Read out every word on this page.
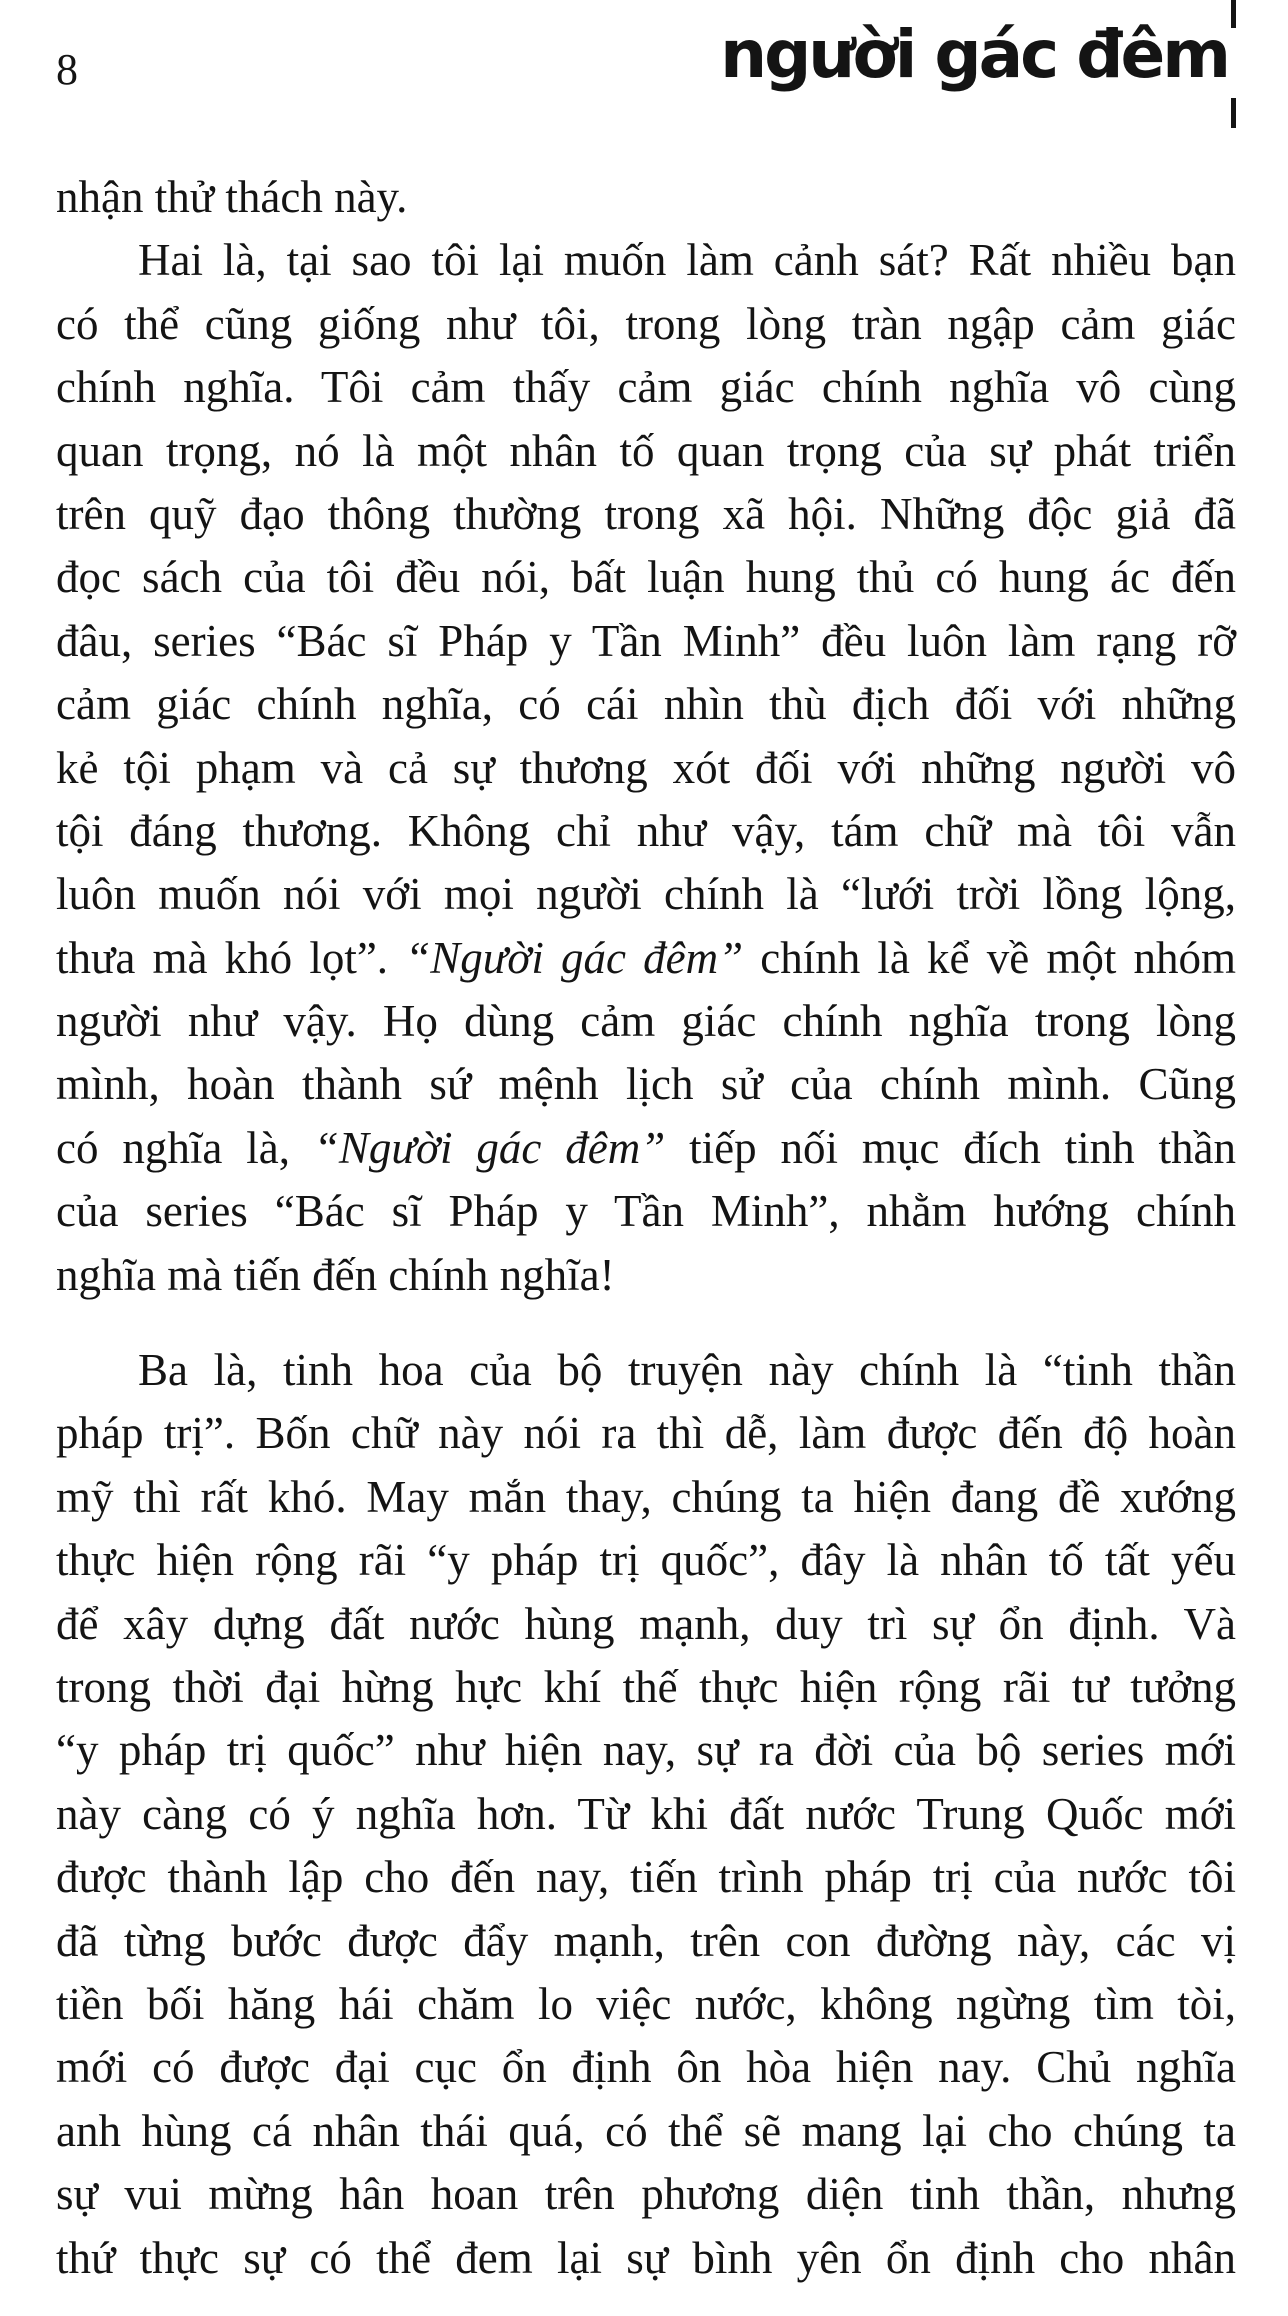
8	người gác đêm
nhận thử thách này.
Hai là, tại sao tôi lại muốn làm cảnh sát? Rất nhiều bạn
có thể cũng giống như tôi, trong lòng tràn ngập cảm giác
chính nghĩa. Tôi cảm thấy cảm giác chính nghĩa vô cùng
quan trọng, nó là một nhân tố quan trọng của sự phát triển
trên quỹ đạo thông thường trong xã hội. Những độc giả đã
đọc sách của tôi đều nói, bất luận hung thủ có hung ác đến
đâu, series “Bác sĩ Pháp y Tần Minh” đều luôn làm rạng rỡ
cảm giác chính nghĩa, có cái nhìn thù địch đối với những
kẻ tội phạm và cả sự thương xót đối với những người vô
tội đáng thương. Không chỉ như vậy, tám chữ mà tôi vẫn
luôn muốn nói với mọi người chính là “lưới trời lồng lộng,
thưa mà khó lọt”. “Người gác đêm” chính là kể về một nhóm
người như vậy. Họ dùng cảm giác chính nghĩa trong lòng
mình, hoàn thành sứ mệnh lịch sử của chính mình. Cũng
có nghĩa là, “Người gác đêm” tiếp nối mục đích tinh thần
của series “Bác sĩ Pháp y Tần Minh”, nhằm hướng chính
nghĩa mà tiến đến chính nghĩa!
Ba là, tinh hoa của bộ truyện này chính là “tinh thần
pháp trị”. Bốn chữ này nói ra thì dễ, làm được đến độ hoàn
mỹ thì rất khó. May mắn thay, chúng ta hiện đang đề xướng
thực hiện rộng rãi “y pháp trị quốc”, đây là nhân tố tất yếu
để xây dựng đất nước hùng mạnh, duy trì sự ổn định. Và
trong thời đại hừng hực khí thế thực hiện rộng rãi tư tưởng
“y pháp trị quốc” như hiện nay, sự ra đời của bộ series mới
này càng có ý nghĩa hơn. Từ khi đất nước Trung Quốc mới
được thành lập cho đến nay, tiến trình pháp trị của nước tôi
đã từng bước được đẩy mạnh, trên con đường này, các vị
tiền bối hăng hái chăm lo việc nước, không ngừng tìm tòi,
mới có được đại cục ổn định ôn hòa hiện nay. Chủ nghĩa
anh hùng cá nhân thái quá, có thể sẽ mang lại cho chúng ta
sự vui mừng hân hoan trên phương diện tinh thần, nhưng
thứ thực sự có thể đem lại sự bình yên ổn định cho nhân
